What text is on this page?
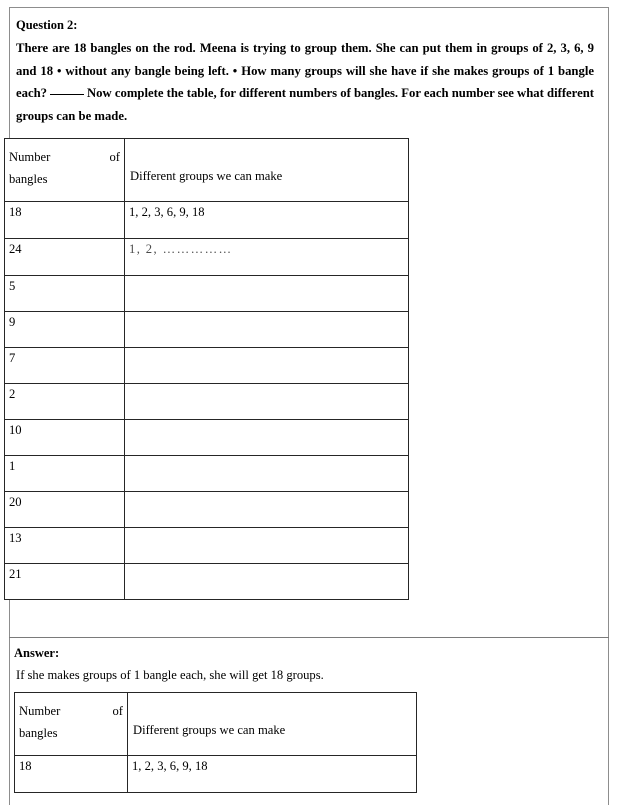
Question 2:

There are 18 bangles on the rod. Meena is trying to group them. She can put them in groups of 2, 3, 6, 9 and 18 • without any bangle being left. • How many groups will she have if she makes groups of 1 bangle each?	Now complete the table, for different numbers of bangles. For each number see what different groups can be made.

Number of
bangles	Different groups we can make

18	1, 2, 3, 6, 9, 18
24	1, 2, ……………
5	
9	
7	
2	
10	
1	
20	
13	
21	

Answer:

If she makes groups of 1 bangle each, she will get 18 groups.

Number of
bangles	Different groups we can make

18	1, 2, 3, 6, 9, 18
